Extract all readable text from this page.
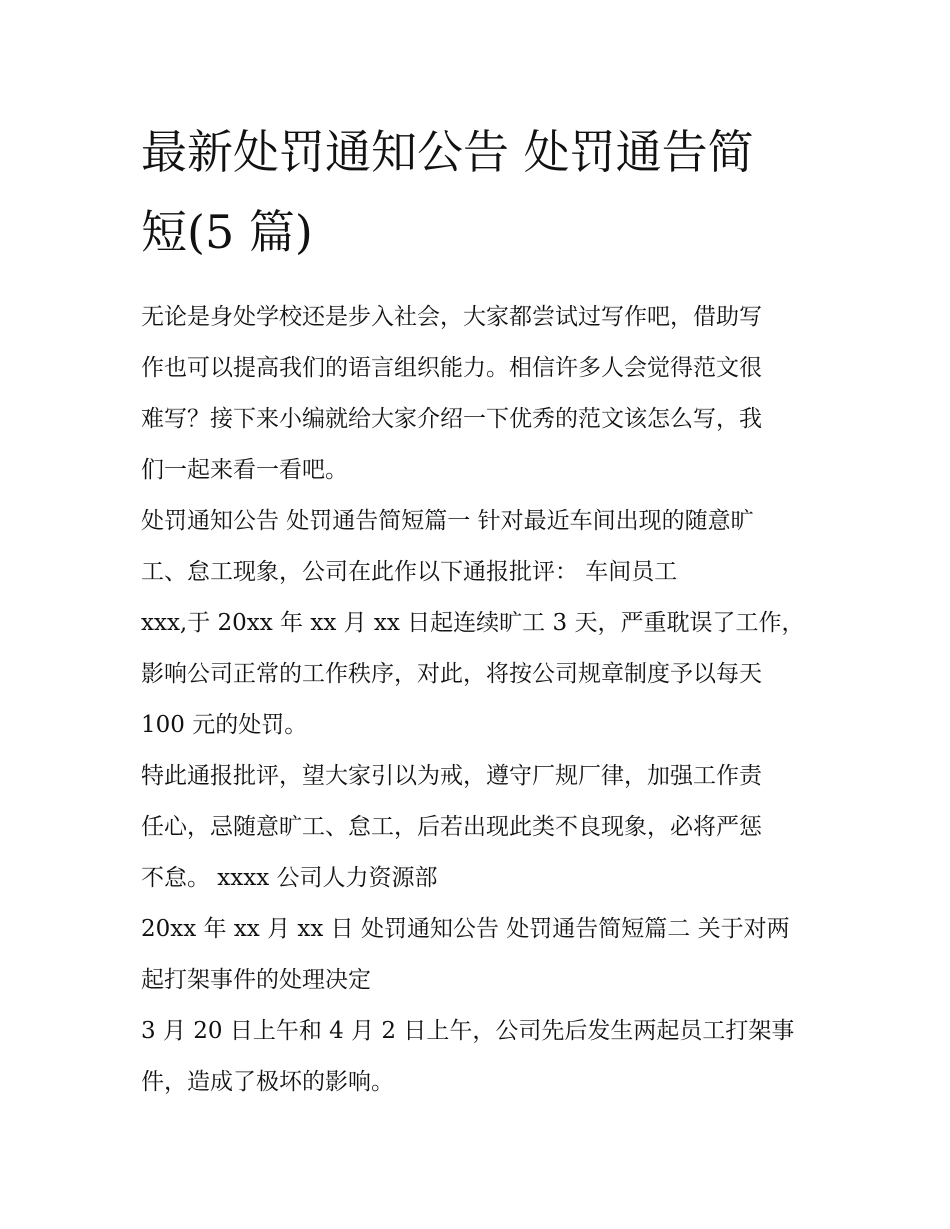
最新处罚通知公告 处罚通告简
短(5 篇)

无论是身处学校还是步入社会，大家都尝试过写作吧，借助写
作也可以提高我们的语言组织能力。相信许多人会觉得范文很
难写？接下来小编就给大家介绍一下优秀的范文该怎么写，我
们一起来看一看吧。

处罚通知公告 处罚通告简短篇一 针对最近车间出现的随意旷
工、怠工现象，公司在此作以下通报批评： 车间员工
xxx,于 20xx 年 xx 月 xx 日起连续旷工 3 天，严重耽误了工作，
影响公司正常的工作秩序，对此，将按公司规章制度予以每天
100 元的处罚。

特此通报批评，望大家引以为戒，遵守厂规厂律，加强工作责
任心，忌随意旷工、怠工，后若出现此类不良现象，必将严惩
不怠。 xxxx 公司人力资源部

20xx 年 xx 月 xx 日 处罚通知公告 处罚通告简短篇二 关于对两
起打架事件的处理决定

3 月 20 日上午和 4 月 2 日上午，公司先后发生两起员工打架事
件，造成了极坏的影响。
